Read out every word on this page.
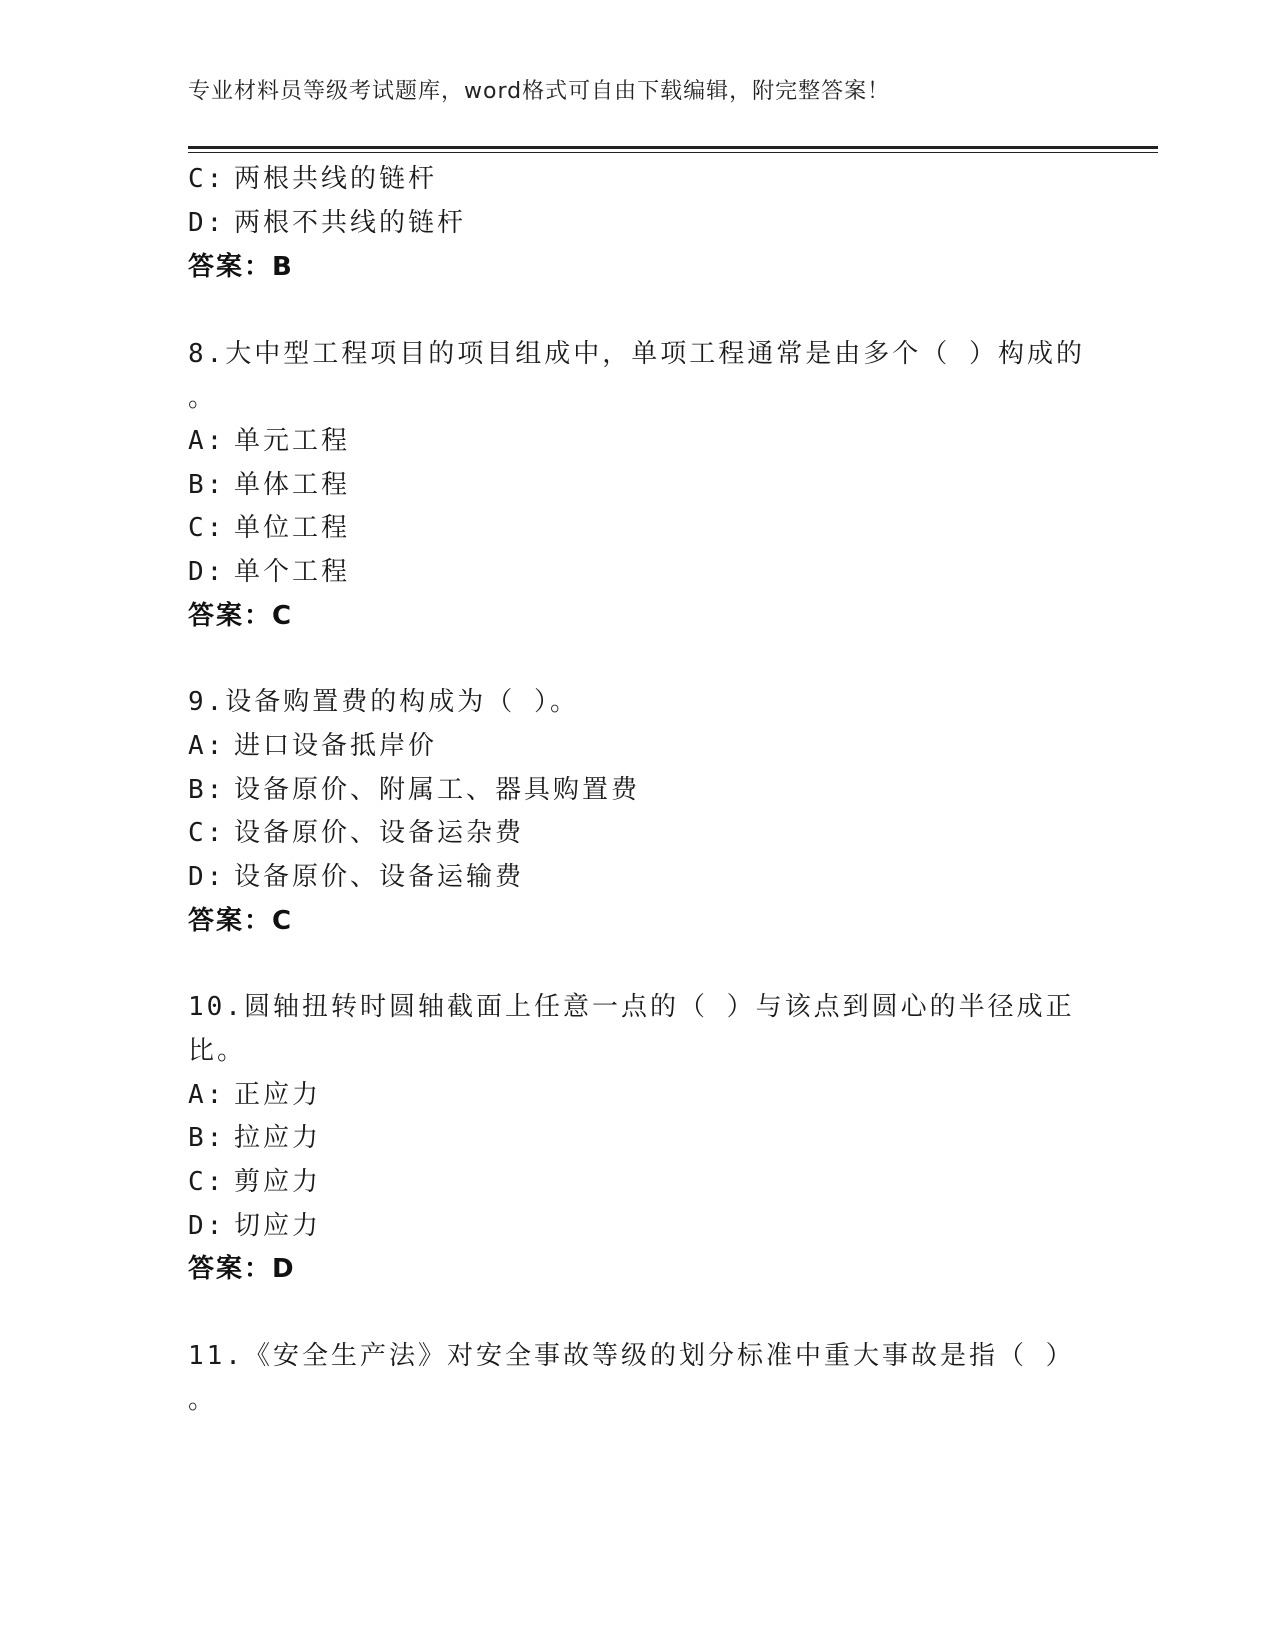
专业材料员等级考试题库，word格式可自由下载编辑，附完整答案！
C: 两根共线的链杆
D: 两根不共线的链杆
答案：B
8.大中型工程项目的项目组成中，单项工程通常是由多个（ ）构成的
。
A: 单元工程
B: 单体工程
C: 单位工程
D: 单个工程
答案：C
9.设备购置费的构成为（ ）。
A: 进口设备抵岸价
B: 设备原价、附属工、器具购置费
C: 设备原价、设备运杂费
D: 设备原价、设备运输费
答案：C
10.圆轴扭转时圆轴截面上任意一点的（ ）与该点到圆心的半径成正
比。
A: 正应力
B: 拉应力
C: 剪应力
D: 切应力
答案：D
11.《安全生产法》对安全事故等级的划分标准中重大事故是指（ ）
。
